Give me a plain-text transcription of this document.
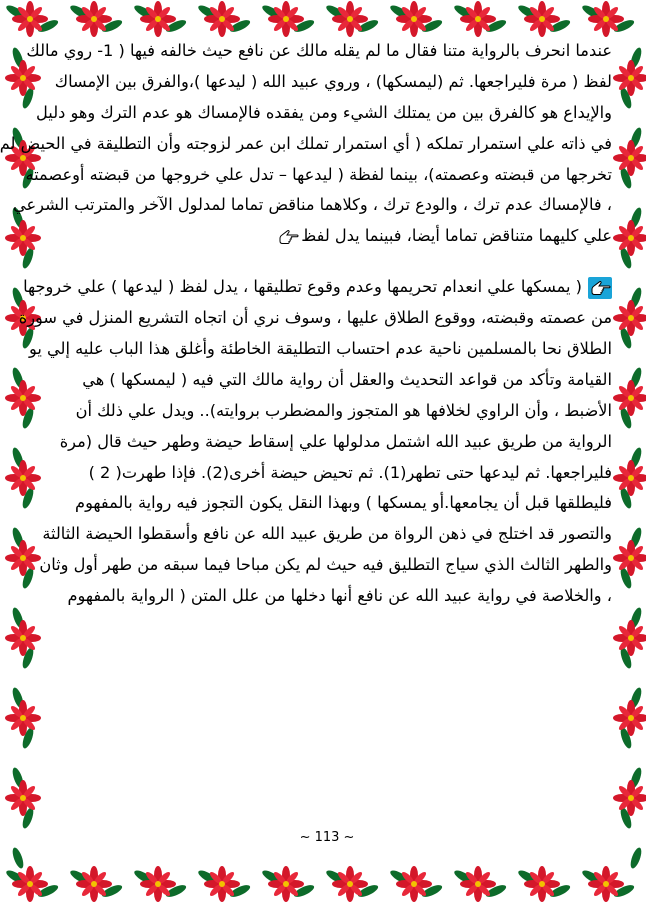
عندما انحرف بالرواية متنا فقال ما لم يقله مالك عن نافع حيث خالفه فيها ( 1- روي مالك
لفظ ( مرة فليراجعها. ثم (ليمسكها) ، وروي عبيد الله ( ليدعها )،والفرق بين الإمساك
والإيداع هو كالفرق بين من يمتلك الشيء ومن يفقده فالإمساك هو عدم الترك وهو دليل
في ذاته علي استمرار تملكه ( أي استمرار تملك ابن عمر لزوجته وأن التطليقة في الحيض لم
تخرجها من قبضته وعصمته)، بينما لفظة ( ليدعها – تدل علي خروجها من قبضته أوعصمته
، فالإمساك عدم ترك ، والودع ترك ، وكلاهما مناقض تماما لمدلول الآخر والمترتب الشرعي
علي كليهما متناقض تماما أيضا، فبينما يدل لفظ
( يمسكها علي انعدام تحريمها وعدم وقوع تطليقها ، يدل لفظ ( ليدعها ) علي خروجها
من عصمته وقبضته، ووقوع الطلاق عليها ، وسوف نري أن اتجاه التشريع المنزل في سورة
الطلاق نحا بالمسلمين ناحية عدم احتساب التطليقة الخاطئة وأغلق هذا الباب عليه إلي يو
القيامة وتأكد من قواعد التحديث والعقل أن رواية مالك التي فيه ( ليمسكها ) هي
الأضبط ، وأن الراوي لخلافها هو المتجوز والمضطرب بروايته).. ويدل علي ذلك أن
الرواية من طريق عبيد الله اشتمل مدلولها علي إسقاط حيضة وطهر حيث قال (مرة
فليراجعها. ثم ليدعها حتى تطهر(1). ثم تحيض حيضة أخرى(2). فإذا طهرت( 2 )
فليطلقها قبل أن يجامعها.أو يمسكها ) وبهذا النقل يكون التجوز فيه رواية بالمفهوم
والتصور قد اختلج في ذهن الرواة من طريق عبيد الله عن نافع وأسقطوا الحيضة الثالثة
والطهر الثالث الذي سياج التطليق فيه حيث لم يكن مباحا فيما سبقه من طهر أول وثان
، والخلاصة في رواية عبيد الله عن نافع أنها دخلها من علل المتن ( الرواية بالمفهوم
~ 113 ~
